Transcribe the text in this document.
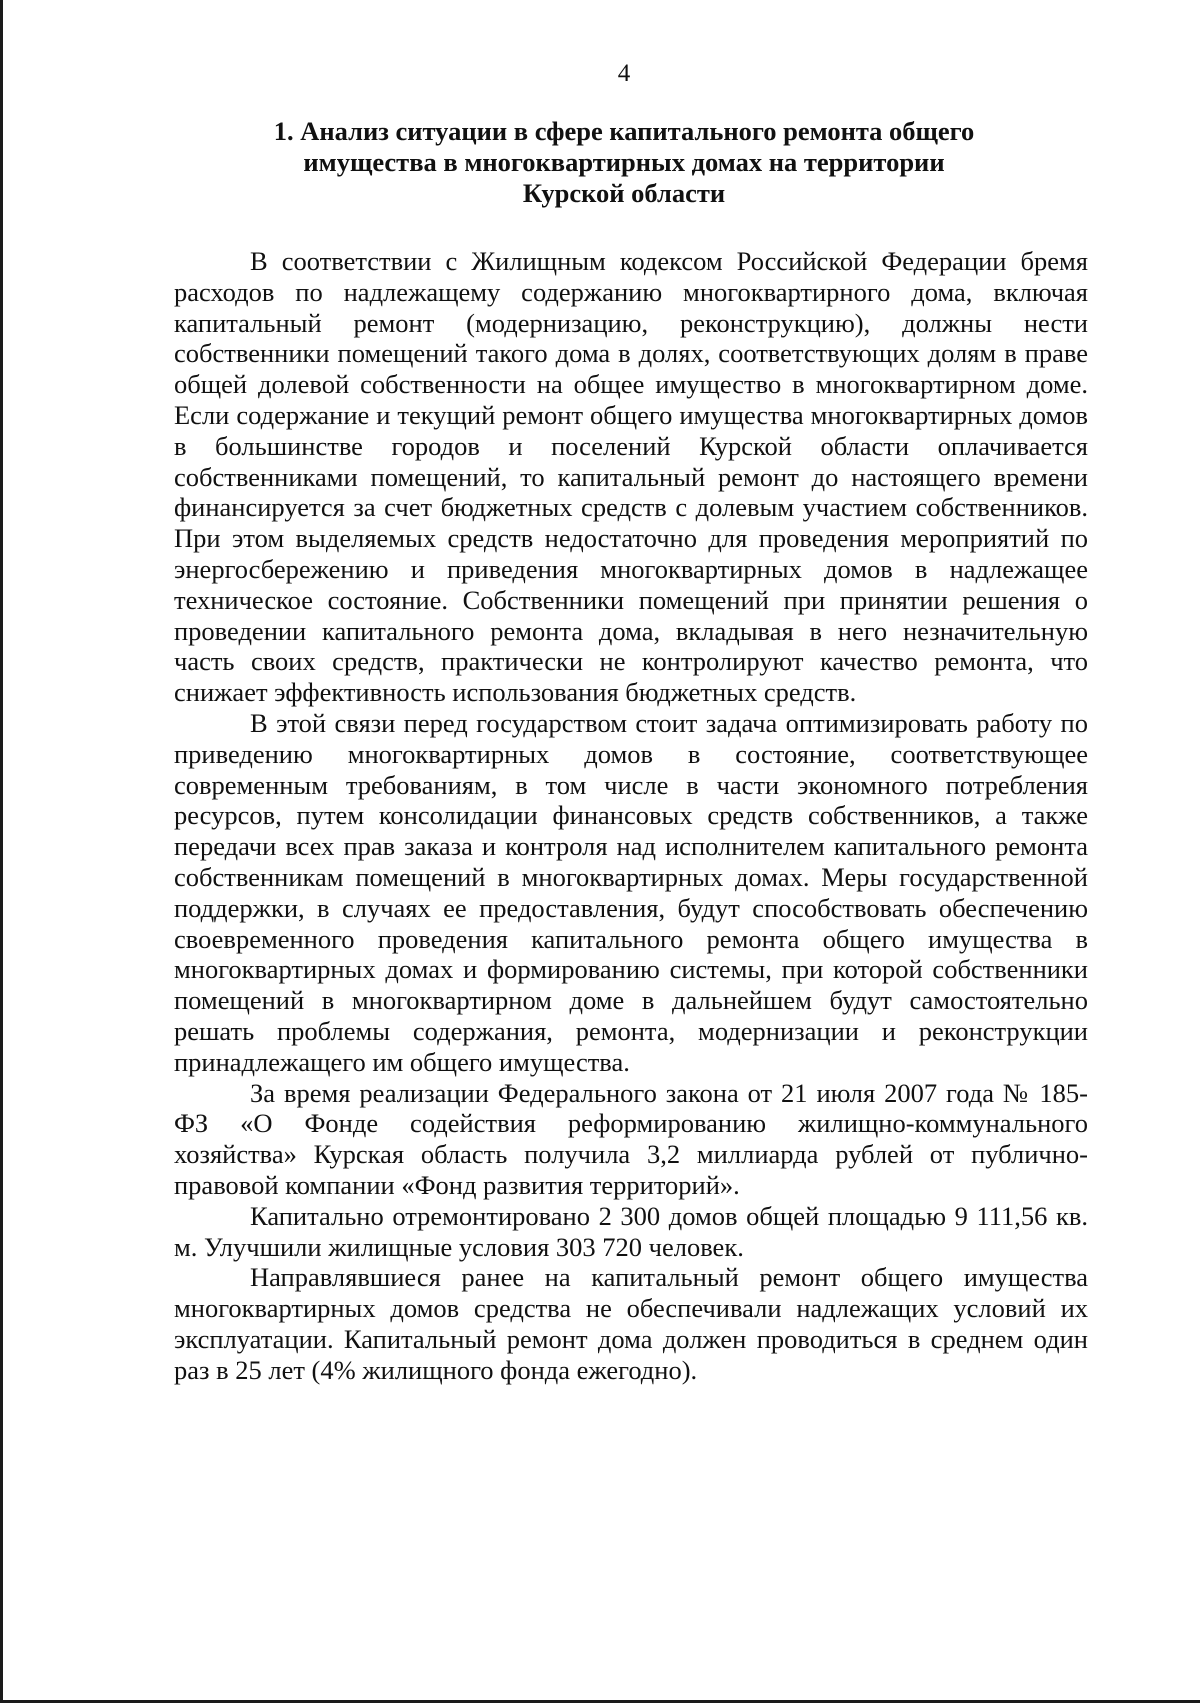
4
1. Анализ ситуации в сфере капитального ремонта общего
имущества в многоквартирных домах на территории
Курской области

В соответствии с Жилищным кодексом Российской Федерации бремя расходов по надлежащему содержанию многоквартирного дома, включая капитальный ремонт (модернизацию, реконструкцию), должны нести собственники помещений такого дома в долях, соответствующих долям в праве общей долевой собственности на общее имущество в многоквартирном доме. Если содержание и текущий ремонт общего имущества многоквартирных домов в большинстве городов и поселений Курской области оплачивается собственниками помещений, то капитальный ремонт до настоящего времени финансируется за счет бюджетных средств с долевым участием собственников. При этом выделяемых средств недостаточно для проведения мероприятий по энергосбережению и приведения многоквартирных домов в надлежащее техническое состояние. Собственники помещений при принятии решения о проведении капитального ремонта дома, вкладывая в него незначительную часть своих средств, практически не контролируют качество ремонта, что снижает эффективность использования бюджетных средств.

В этой связи перед государством стоит задача оптимизировать работу по приведению многоквартирных домов в состояние, соответствующее современным требованиям, в том числе в части экономного потребления ресурсов, путем консолидации финансовых средств собственников, а также передачи всех прав заказа и контроля над исполнителем капитального ремонта собственникам помещений в многоквартирных домах. Меры государственной поддержки, в случаях ее предоставления, будут способствовать обеспечению своевременного проведения капитального ремонта общего имущества в многоквартирных домах и формированию системы, при которой собственники помещений в многоквартирном доме в дальнейшем будут самостоятельно решать проблемы содержания, ремонта, модернизации и реконструкции принадлежащего им общего имущества.

За время реализации Федерального закона от 21 июля 2007 года № 185-ФЗ «О Фонде содействия реформированию жилищно-коммунального хозяйства» Курская область получила 3,2 миллиарда рублей от публично-правовой компании «Фонд развития территорий».

Капитально отремонтировано 2 300 домов общей площадью 9 111,56 кв. м. Улучшили жилищные условия 303 720 человек.

Направлявшиеся ранее на капитальный ремонт общего имущества многоквартирных домов средства не обеспечивали надлежащих условий их эксплуатации. Капитальный ремонт дома должен проводиться в среднем один раз в 25 лет (4% жилищного фонда ежегодно).
